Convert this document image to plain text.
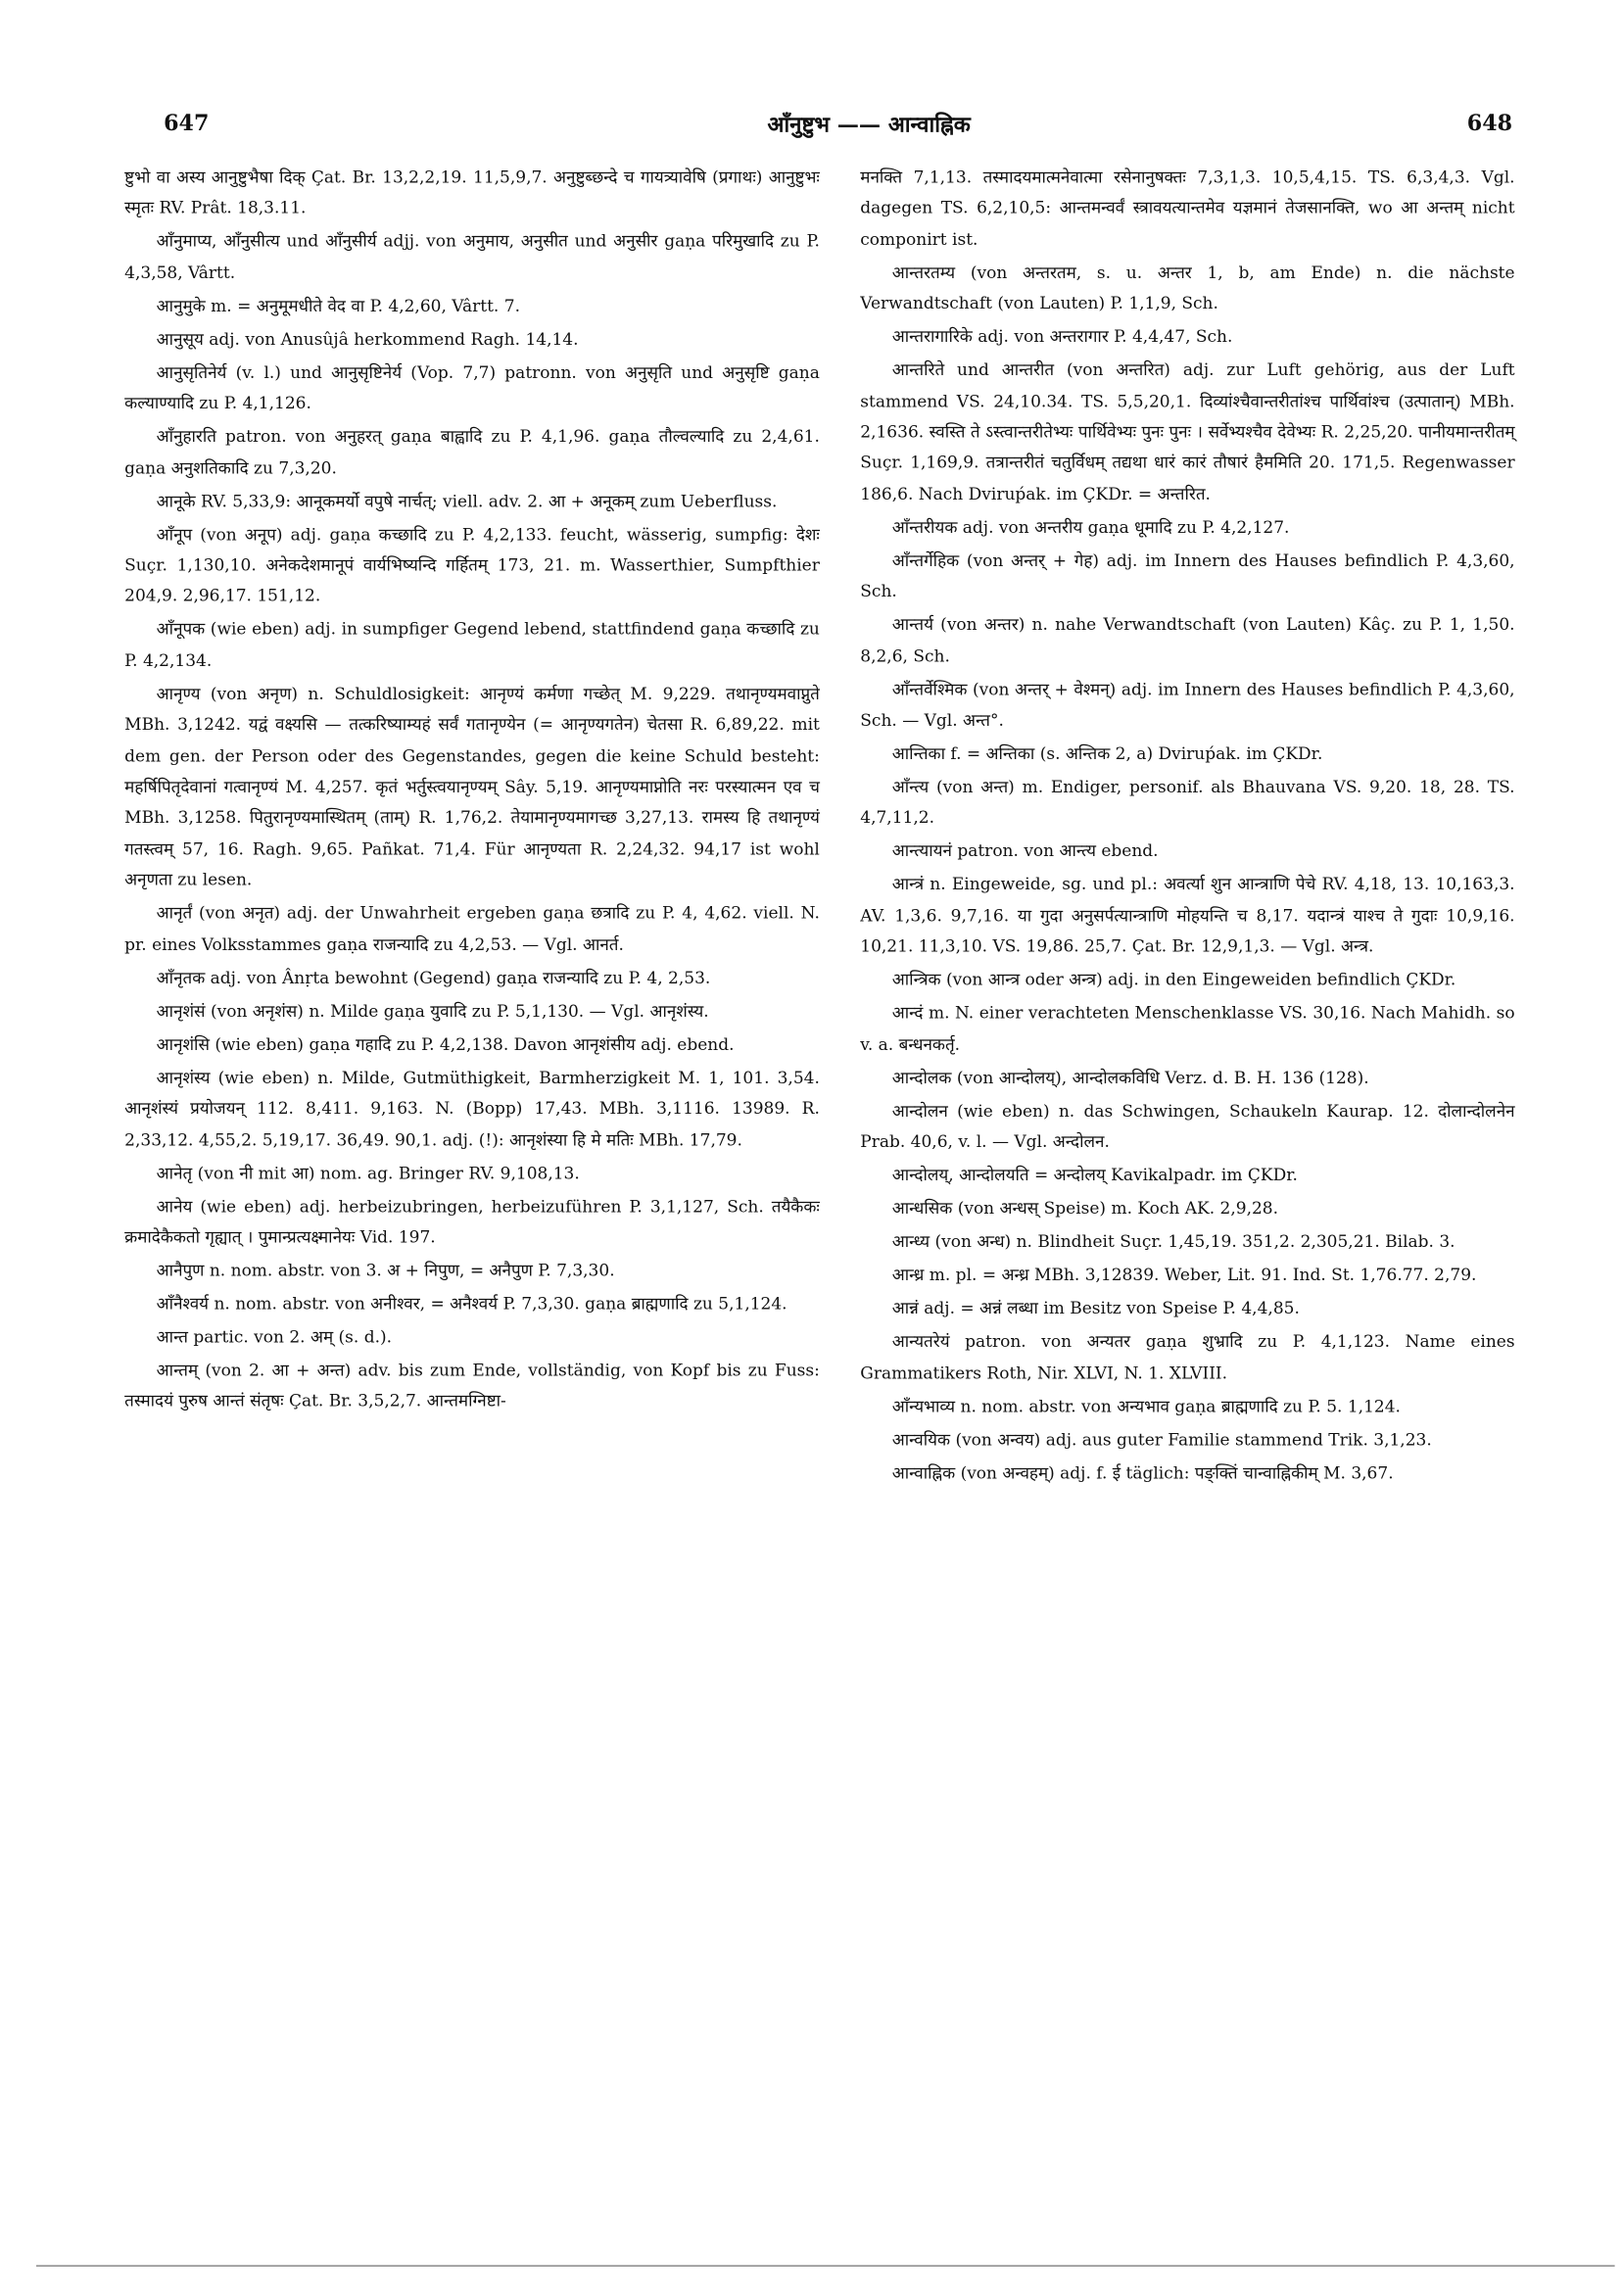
647	आँनुष्टुभ —— आन्वाह्निक	648

ष्टुभो वा अस्य आनुष्टुभैषा दिक् Çat. Br. 13,2,2,19. 11,5,9,7. अनुष्टुब्छन्दे च गायत्र्यावेषि (प्रगाथः) आनुष्टुभः स्मृतः RV. Prât. 18,3.11.

आँनुमाप्य, आँनुसीत्य und आँनुसीर्य adjj. von अनुमाय, अनुसीत und अनुसीर gaṇa परिमुखादि zu P. 4,3,58, Vârtt.

आनुमुके m. = अनुमूमधीते वेद वा P. 4,2,60, Vârtt. 7.

आनुसूय adj. von Anusûjâ herkommend Ragh. 14,14.

आनुसृतिनेर्य (v. l.) und आनुसृष्टिनेर्य (Vop. 7,7) patronn. von अनुसृति und अनुसृष्टि gaṇa कल्याण्यादि zu P. 4,1,126.

आँनुहारति patron. von अनुहरत् gaṇa बाह्वादि zu P. 4,1,96. gaṇa तौल्वल्यादि zu 2,4,61. gaṇa अनुशतिकादि zu 7,3,20.

आनूके RV. 5,33,9: आनूकमर्यो वपुषे नार्चत्; viell. adv. 2. आ + अनूकम् zum Ueberfluss.

आँनूप (von अनूप) adj. gaṇa कच्छादि zu P. 4,2,133. feucht, wässerig, sumpfig: देशः Suçr. 1,130,10. अनेकदेशमानूपं वार्यभिष्यन्दि गर्हितम् 173, 21. m. Wasserthier, Sumpfthier 204,9. 2,96,17. 151,12.

आँनूपक (wie eben) adj. in sumpfiger Gegend lebend, stattfindend gaṇa कच्छादि zu P. 4,2,134.

आनृण्य (von अनृण) n. Schuldlosigkeit: आनृण्यं कर्मणा गच्छेत् M. 9,229. तथानृण्यमवाप्नुते MBh. 3,1242. यद्वं वक्ष्यसि — तत्करिष्याम्यहं सर्वं गतानृण्येन (= आनृण्यगतेन) चेतसा R. 6,89,22. mit dem gen. der Person oder des Gegenstandes, gegen die keine Schuld besteht: महर्षिपितृदेवानां गत्वानृण्यं M. 4,257. कृतं भर्तुस्त्वयानृण्यम् Sây. 5,19. आनृण्यमाप्नोति नरः परस्यात्मन एव च MBh. 3,1258. पितुरानृण्यमास्थितम् (ताम्) R. 1,76,2. तेयामानृण्यमागच्छ 3,27,13. रामस्य हि तथानृण्यं गतस्त्वम् 57, 16. Ragh. 9,65. Pañkat. 71,4. Für आनृण्यता R. 2,24,32. 94,17 ist wohl अनृणता zu lesen.

आनृर्तं (von अनृत) adj. der Unwahrheit ergeben gaṇa छत्रादि zu P. 4, 4,62. viell. N. pr. eines Volksstammes gaṇa राजन्यादि zu 4,2,53. — Vgl. आनर्त.

आँनृतक adj. von Ânṛta bewohnt (Gegend) gaṇa राजन्यादि zu P. 4, 2,53.

आनृशंसं (von अनृशंस) n. Milde gaṇa युवादि zu P. 5,1,130. — Vgl. आनृशंस्य.

आनृशंसि (wie eben) gaṇa गहादि zu P. 4,2,138. Davon आनृशंसीय adj. ebend.

आनृशंस्य (wie eben) n. Milde, Gutmüthigkeit, Barmherzigkeit M. 1, 101. 3,54. आनृशंस्यं प्रयोजयन् 112. 8,411. 9,163. N. (Bopp) 17,43. MBh. 3,1116. 13989. R. 2,33,12. 4,55,2. 5,19,17. 36,49. 90,1. adj. (!): आनृशंस्या हि मे मतिः MBh. 17,79.

आनेतृ (von नी mit आ) nom. ag. Bringer RV. 9,108,13.

आनेय (wie eben) adj. herbeizubringen, herbeizuführen P. 3,1,127, Sch. तयैकैकः क्रमादेकैकतो गृह्यात् । पुमान्प्रत्यक्ष्मानेयः Vid. 197.

आनैपुण n. nom. abstr. von 3. अ + निपुण, = अनैपुण P. 7,3,30.

आँनैश्वर्य n. nom. abstr. von अनीश्वर, = अनैश्वर्य P. 7,3,30. gaṇa ब्राह्मणादि zu 5,1,124.

आन्त partic. von 2. अम् (s. d.).

आन्तम् (von 2. आ + अन्त) adv. bis zum Ende, vollständig, von Kopf bis zu Fuss: तस्मादयं पुरुष आन्तं संतृषः Çat. Br. 3,5,2,7. आन्तमग्निष्टा-

मनक्ति 7,1,13. तस्मादयमात्मनेवात्मा रसेनानुषक्तः 7,3,1,3. 10,5,4,15. TS. 6,3,4,3. Vgl. dagegen TS. 6,2,10,5: आन्तमन्वर्वं स्त्रावयत्यान्तमेव यज्ञमानं तेजसानक्ति, wo आ अन्तम् nicht componirt ist.

आन्तरतम्य (von अन्तरतम, s. u. अन्तर 1, b, am Ende) n. die nächste Verwandtschaft (von Lauten) P. 1,1,9, Sch.

आन्तरागारिके adj. von अन्तरागार P. 4,4,47, Sch.

आन्तरिते und आन्तरीत (von अन्तरित) adj. zur Luft gehörig, aus der Luft stammend VS. 24,10.34. TS. 5,5,20,1. दिव्यांश्चैवान्तरीतांश्च पार्थिवांश्च (उत्पातान्) MBh. 2,1636. स्वस्ति ते ऽस्त्वान्तरीतेभ्यः पार्थिवेभ्यः पुनः पुनः । सर्वेभ्यश्चैव देवेभ्यः R. 2,25,20. पानीयमान्तरीतम् Suçr. 1,169,9. तत्रान्तरीतं चतुर्विधम् तद्यथा धारं कारं तौषारं हैममिति 20. 171,5. Regenwasser 186,6. Nach Dviruṕak. im ÇKDr. = अन्तरित.

आँन्तरीयक adj. von अन्तरीय gaṇa धूमादि zu P. 4,2,127.

आँन्तर्गेहिक (von अन्तर् + गेह) adj. im Innern des Hauses befindlich P. 4,3,60, Sch.

आन्तर्य (von अन्तर) n. nahe Verwandtschaft (von Lauten) Kâç. zu P. 1, 1,50. 8,2,6, Sch.

आँन्तर्वेश्मिक (von अन्तर् + वेश्मन्) adj. im Innern des Hauses befindlich P. 4,3,60, Sch. — Vgl. अन्त°.

आन्तिका f. = अन्तिका (s. अन्तिक 2, a) Dviruṕak. im ÇKDr.

आँन्त्य (von अन्त) m. Endiger, personif. als Bhauvana VS. 9,20. 18, 28. TS. 4,7,11,2.

आन्त्यायनं patron. von आन्त्य ebend.

आन्त्रं n. Eingeweide, sg. und pl.: अवर्त्या शुन आन्त्राणि पेचे RV. 4,18, 13. 10,163,3. AV. 1,3,6. 9,7,16. या गुदा अनुसर्पत्यान्त्राणि मोहयन्ति च 8,17. यदान्त्रं याश्च ते गुदाः 10,9,16. 10,21. 11,3,10. VS. 19,86. 25,7. Çat. Br. 12,9,1,3. — Vgl. अन्त्र.

आन्त्रिक (von आन्त्र oder अन्त्र) adj. in den Eingeweiden befindlich ÇKDr.

आन्दं m. N. einer verachteten Menschenklasse VS. 30,16. Nach Mahidh. so v. a. बन्धनकर्तृ.

आन्दोलक (von आन्दोलय्), आन्दोलकविधि Verz. d. B. H. 136 (128).

आन्दोलन (wie eben) n. das Schwingen, Schaukeln Kaurap. 12. दोलान्दोलनेन Prab. 40,6, v. l. — Vgl. अन्दोलन.

आन्दोलय्, आन्दोलयति = अन्दोलय् Kavikalpadr. im ÇKDr.

आन्धसिक (von अन्धस् Speise) m. Koch AK. 2,9,28.

आन्ध्य (von अन्ध) n. Blindheit Suçr. 1,45,19. 351,2. 2,305,21. Bilab. 3.

आन्ध्र m. pl. = अन्ध्र MBh. 3,12839. Weber, Lit. 91. Ind. St. 1,76.77. 2,79.

आन्नं adj. = अन्नं लब्धा im Besitz von Speise P. 4,4,85.

आन्यतरेयं patron. von अन्यतर gaṇa शुभ्रादि zu P. 4,1,123. Name eines Grammatikers Roth, Nir. XLVI, N. 1. XLVIII.

आँन्यभाव्य n. nom. abstr. von अन्यभाव gaṇa ब्राह्मणादि zu P. 5. 1,124.

आन्वयिक (von अन्वय) adj. aus guter Familie stammend Trik. 3,1,23.

आन्वाह्निक (von अन्वहम्) adj. f. ई täglich: पङ्क्तिं चान्वाह्निकीम् M. 3,67.
